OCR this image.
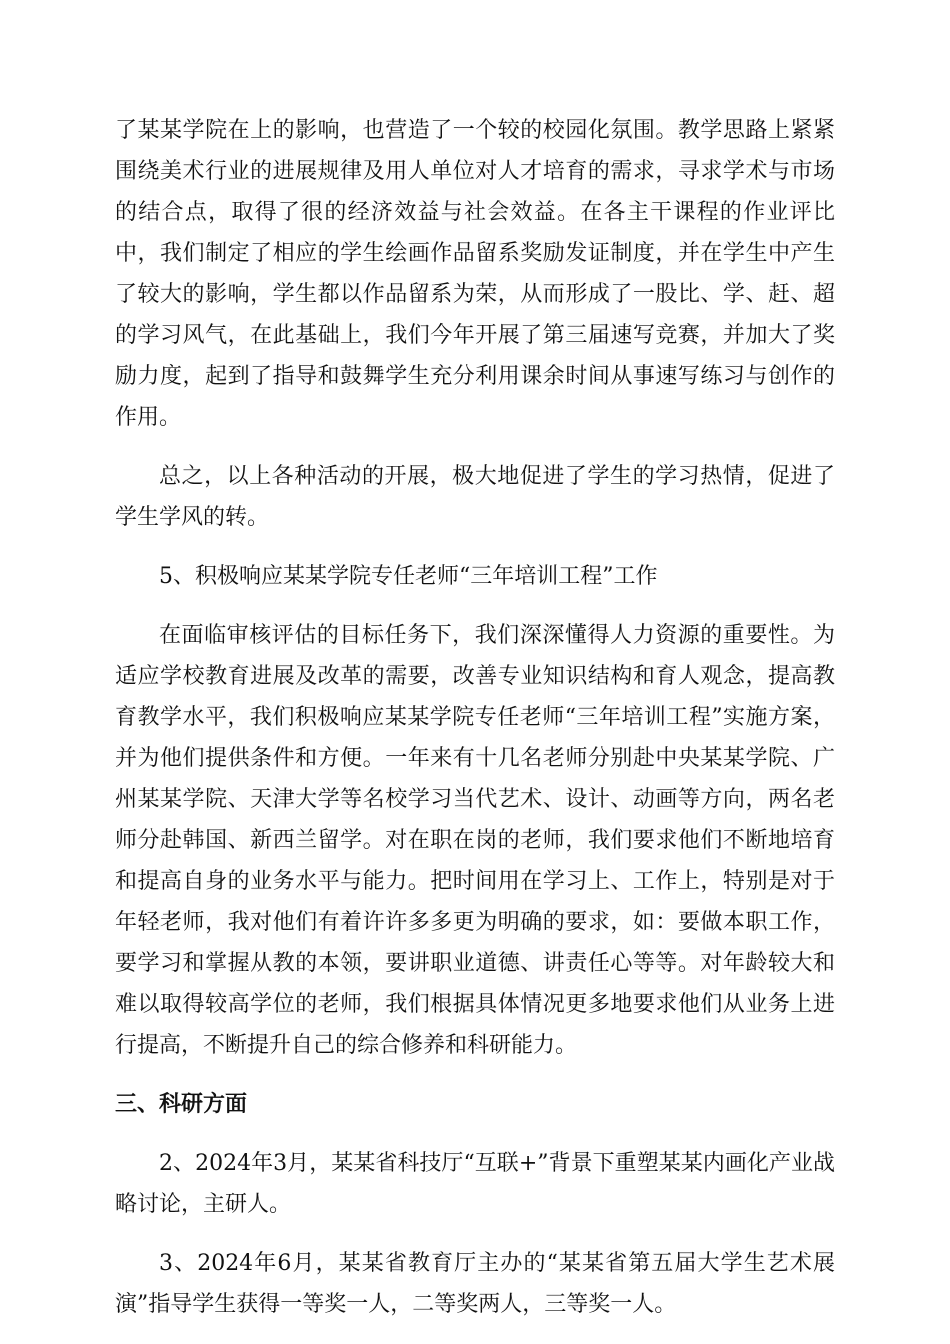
了某某学院在上的影响，也营造了一个较的校园化氛围。教学思路上紧紧围绕美术行业的进展规律及用人单位对人才培育的需求，寻求学术与市场的结合点，取得了很的经济效益与社会效益。在各主干课程的作业评比中，我们制定了相应的学生绘画作品留系奖励发证制度，并在学生中产生了较大的影响，学生都以作品留系为荣，从而形成了一股比、学、赶、超的学习风气，在此基础上，我们今年开展了第三届速写竞赛，并加大了奖励力度，起到了指导和鼓舞学生充分利用课余时间从事速写练习与创作的作用。

总之，以上各种活动的开展，极大地促进了学生的学习热情，促进了学生学风的转。

5、积极响应某某学院专任老师“三年培训工程”工作

在面临审核评估的目标任务下，我们深深懂得人力资源的重要性。为适应学校教育进展及改革的需要，改善专业知识结构和育人观念，提高教育教学水平，我们积极响应某某学院专任老师“三年培训工程”实施方案，并为他们提供条件和方便。一年来有十几名老师分别赴中央某某学院、广州某某学院、天津大学等名校学习当代艺术、设计、动画等方向，两名老师分赴韩国、新西兰留学。对在职在岗的老师，我们要求他们不断地培育和提高自身的业务水平与能力。把时间用在学习上、工作上，特别是对于年轻老师，我对他们有着许许多多更为明确的要求，如：要做本职工作，要学习和掌握从教的本领，要讲职业道德、讲责任心等等。对年龄较大和难以取得较高学位的老师，我们根据具体情况更多地要求他们从业务上进行提高，不断提升自己的综合修养和科研能力。

三、科研方面

2、2024年3月，某某省科技厅“互联+”背景下重塑某某内画化产业战略讨论，主研人。

3、2024年6月，某某省教育厅主办的“某某省第五届大学生艺术展演”指导学生获得一等奖一人，二等奖两人，三等奖一人。
